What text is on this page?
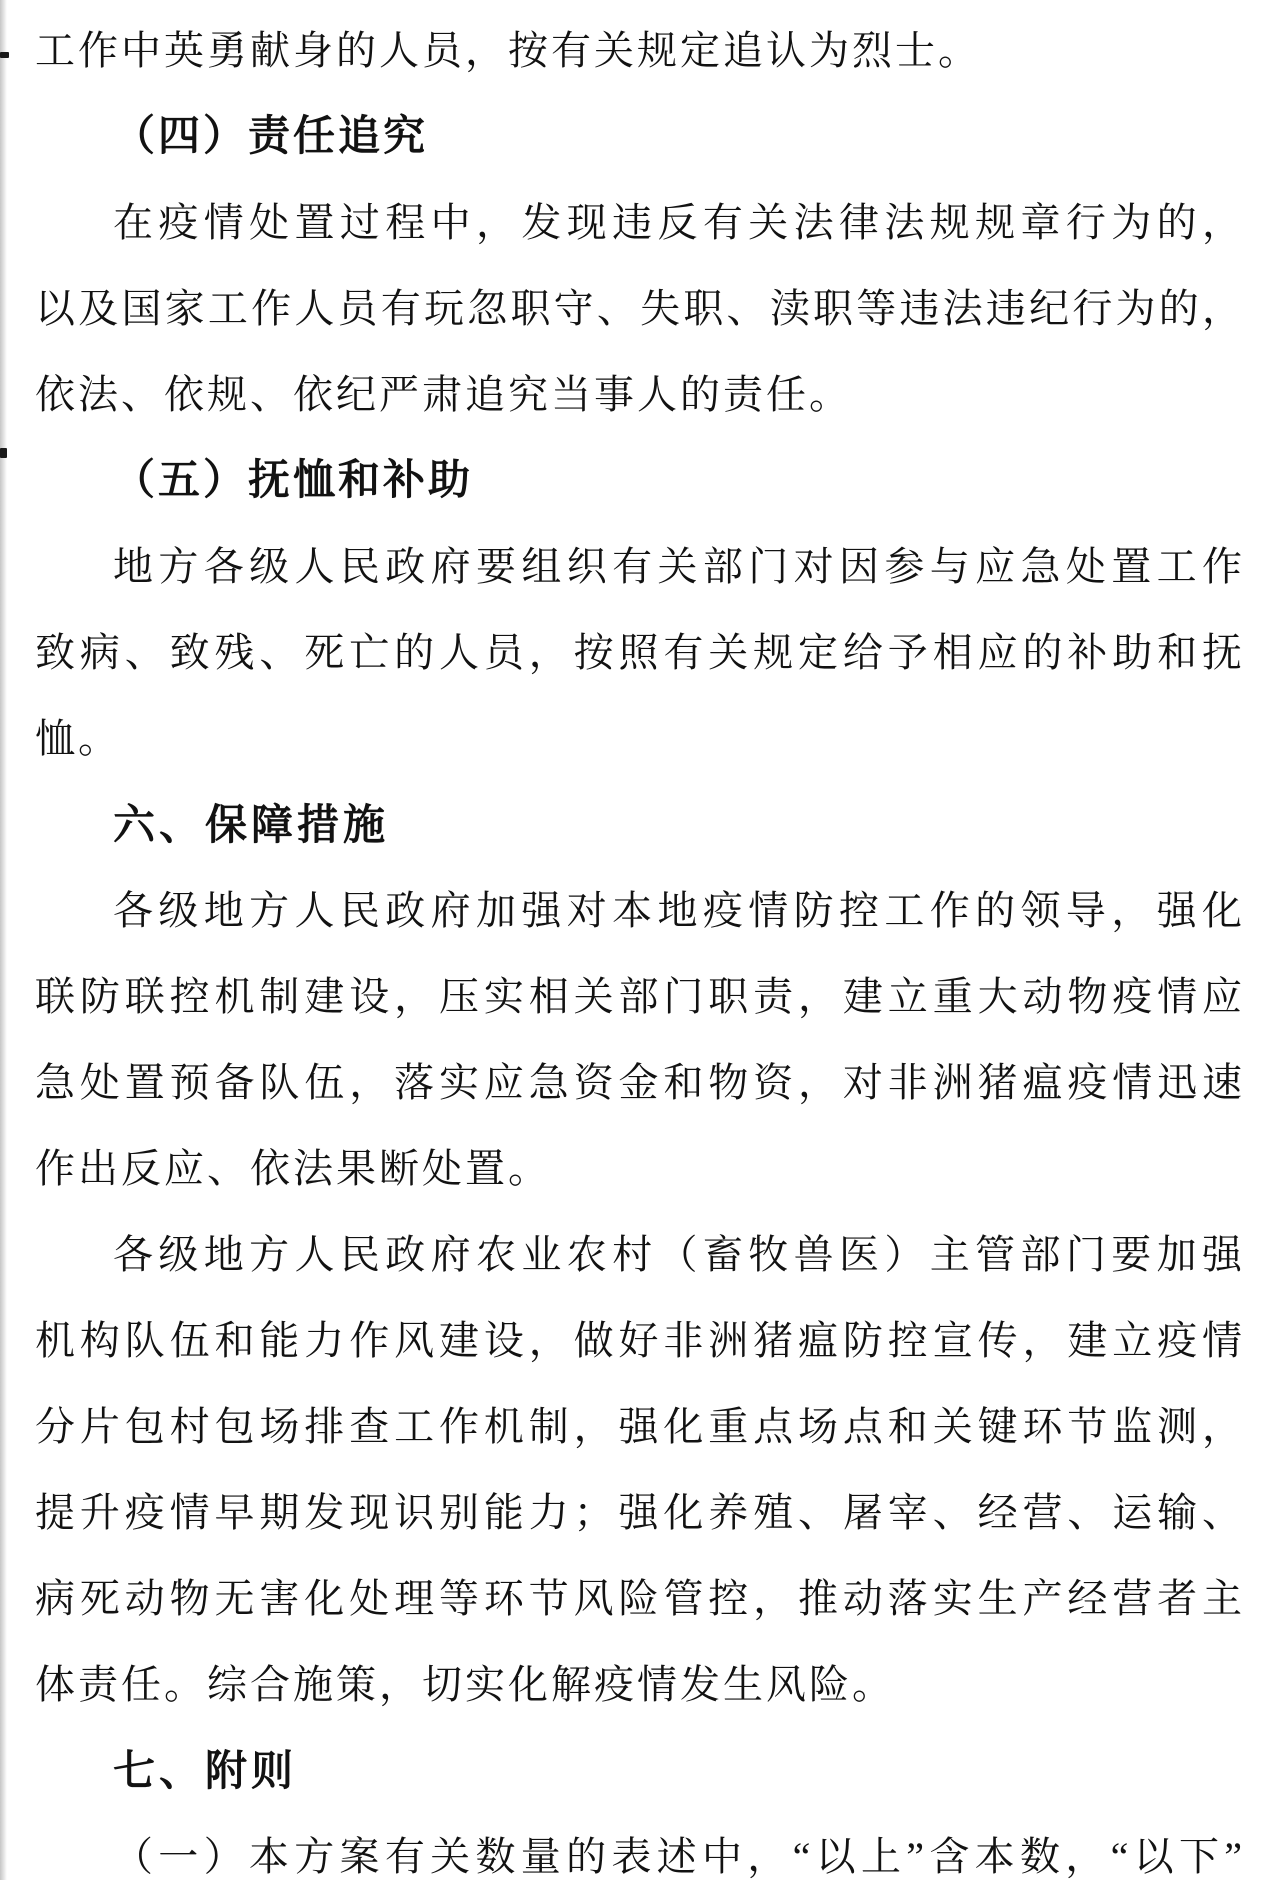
工作中英勇献身的人员，按有关规定追认为烈士。
（四）责任追究
在疫情处置过程中，发现违反有关法律法规规章行为的，
以及国家工作人员有玩忽职守、失职、渎职等违法违纪行为的，
依法、依规、依纪严肃追究当事人的责任。
（五）抚恤和补助
地方各级人民政府要组织有关部门对因参与应急处置工作
致病、致残、死亡的人员，按照有关规定给予相应的补助和抚
恤。
六、保障措施
各级地方人民政府加强对本地疫情防控工作的领导，强化
联防联控机制建设，压实相关部门职责，建立重大动物疫情应
急处置预备队伍，落实应急资金和物资，对非洲猪瘟疫情迅速
作出反应、依法果断处置。
各级地方人民政府农业农村（畜牧兽医）主管部门要加强
机构队伍和能力作风建设，做好非洲猪瘟防控宣传，建立疫情
分片包村包场排查工作机制，强化重点场点和关键环节监测，
提升疫情早期发现识别能力；强化养殖、屠宰、经营、运输、
病死动物无害化处理等环节风险管控，推动落实生产经营者主
体责任。综合施策，切实化解疫情发生风险。
七、附则
（一）本方案有关数量的表述中，“以上”含本数，“以下”
